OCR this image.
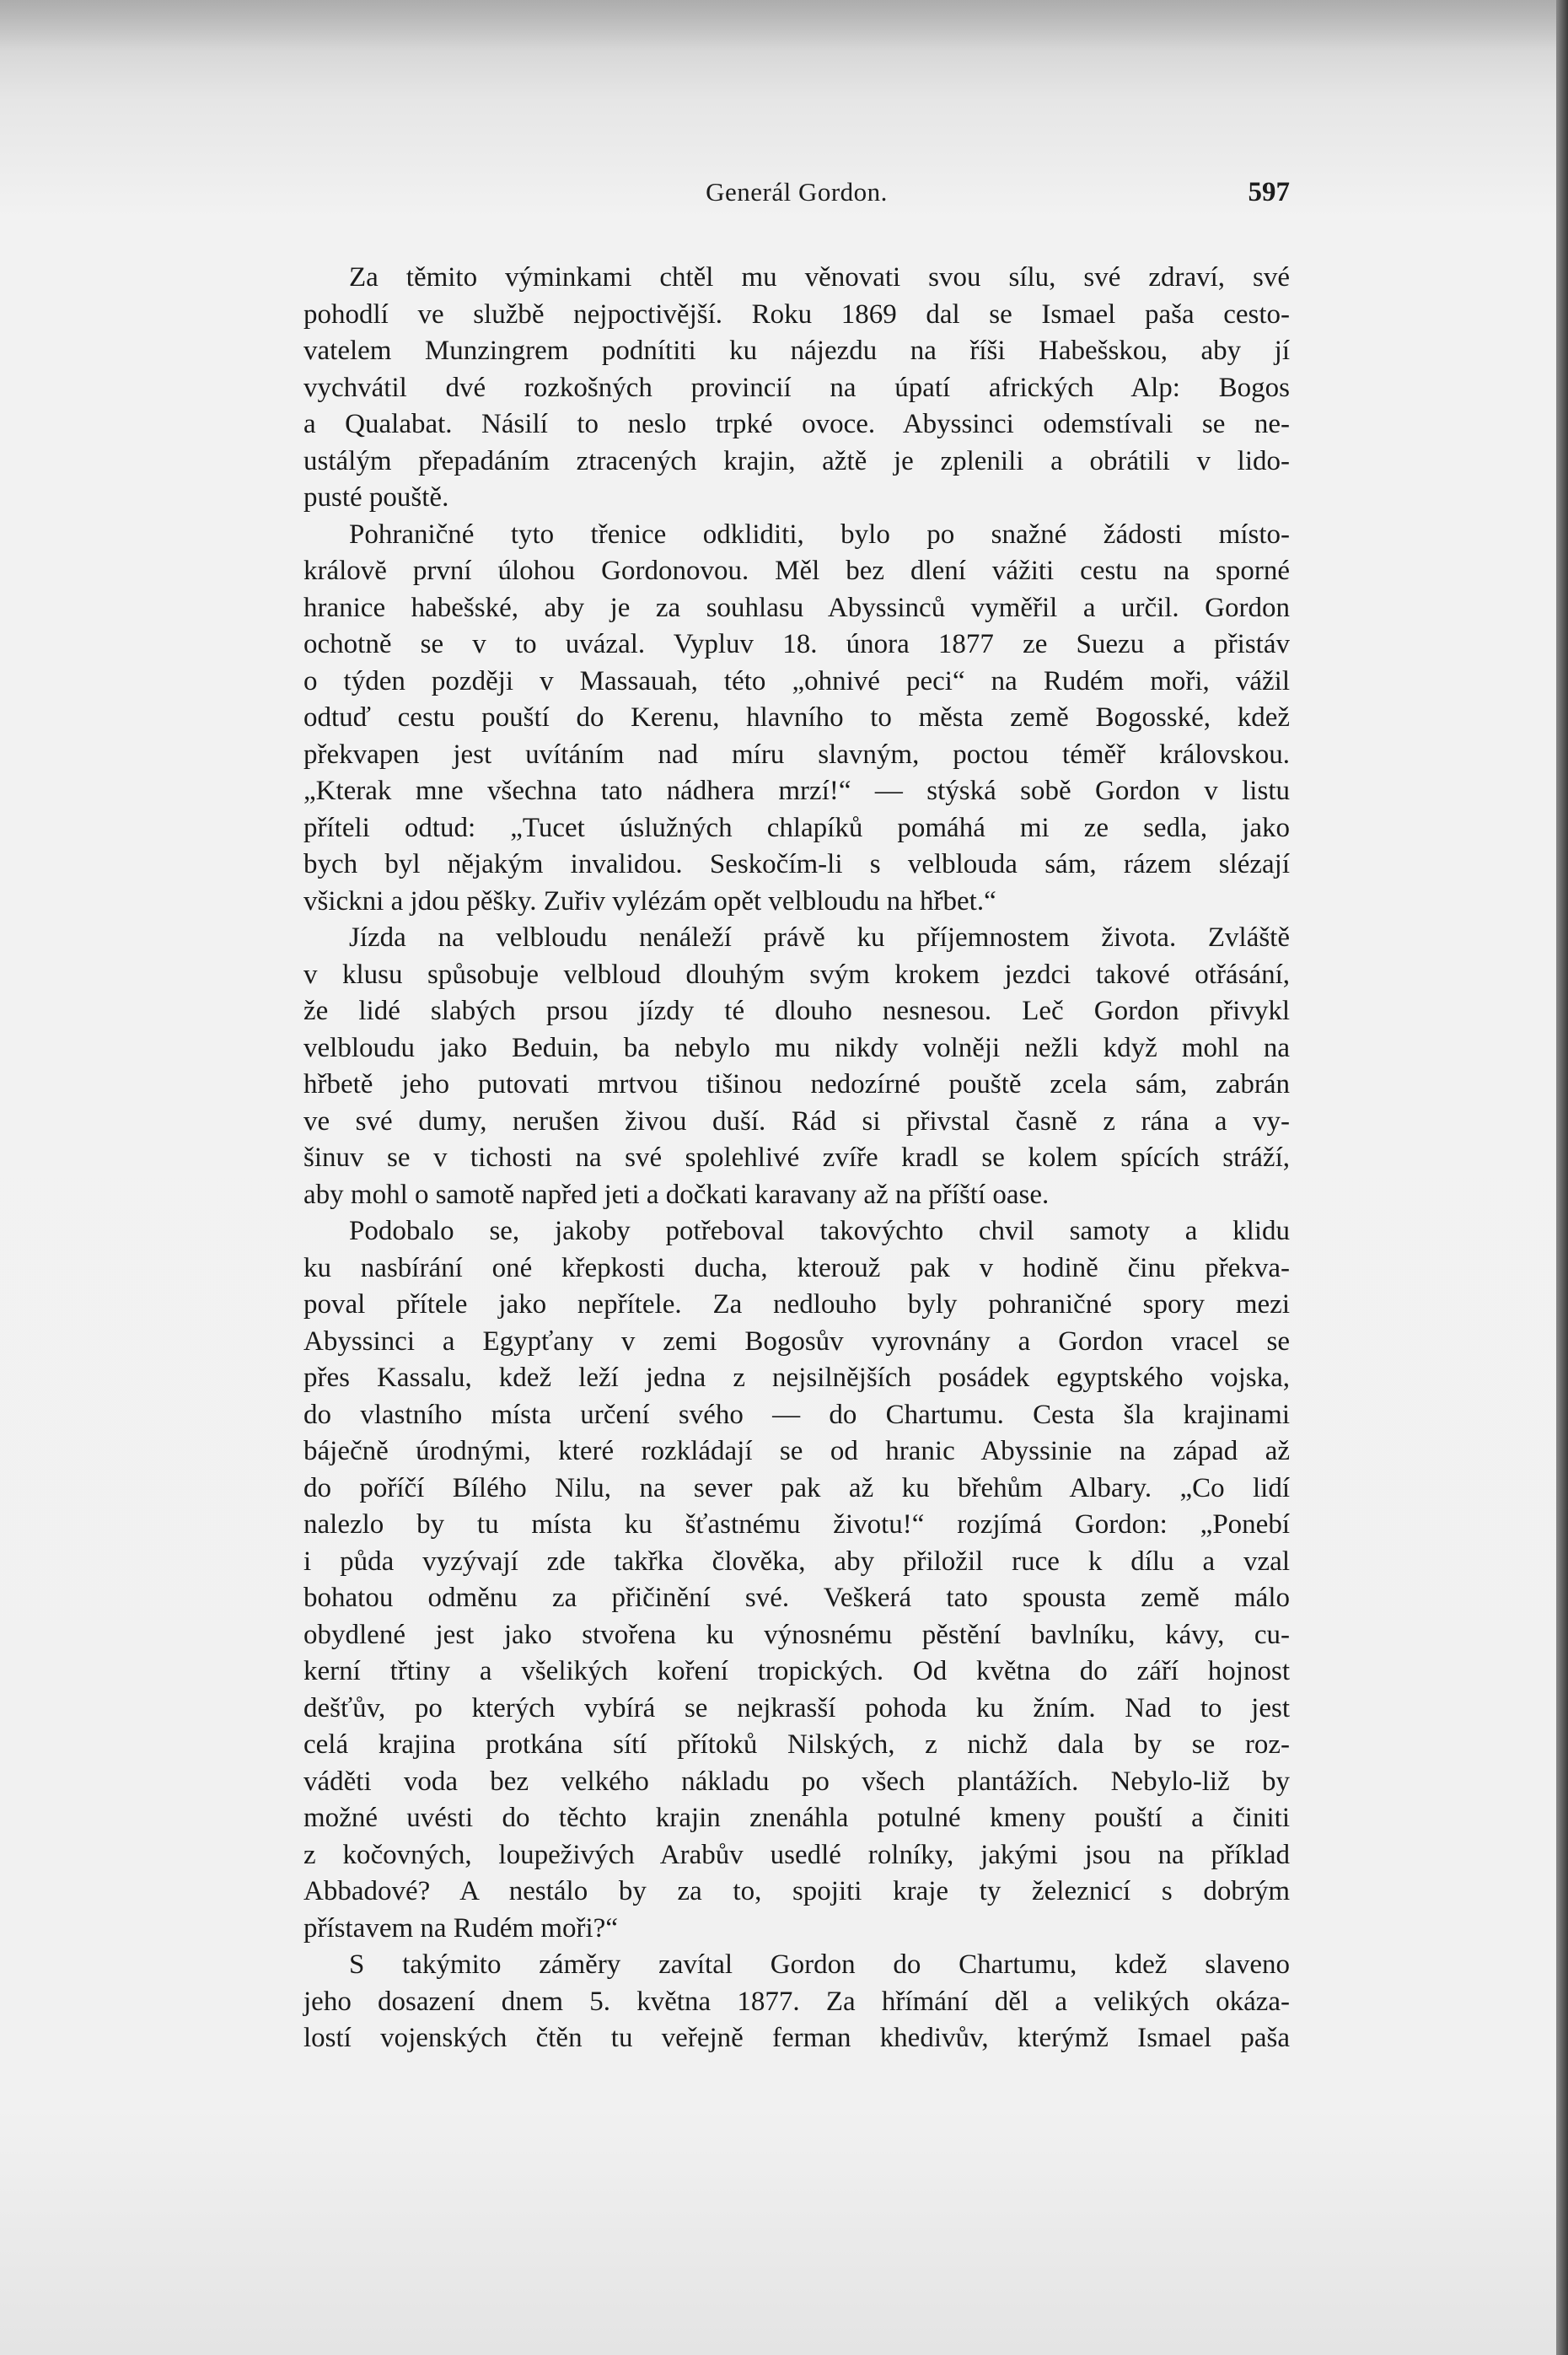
Generál Gordon.	597
Za těmito výminkami chtěl mu věnovati svou sílu, své zdraví, své
pohodlí ve službě nejpoctivější. Roku 1869 dal se Ismael paša cesto-
vatelem Munzingrem podnítiti ku nájezdu na říši Habešskou, aby jí
vychvátil dvé rozkošných provincií na úpatí afrických Alp: Bogos
a Qualabat. Násilí to neslo trpké ovoce. Abyssinci odemstívali se ne-
ustálým přepadáním ztracených krajin, ažtě je zplenili a obrátili v lido-
pusté pouště.
Pohraničné tyto třenice odkliditi, bylo po snažné žádosti místo-
královĕ první úlohou Gordonovou. Měl bez dlení vážiti cestu na sporné
hranice habešské, aby je za souhlasu Abyssinců vyměřil a určil. Gordon
ochotně se v to uvázal. Vypluv 18. února 1877 ze Suezu a přistáv
o týden později v Massauah, této „ohnivé peci“ na Rudém moři, vážil
odtuď cestu pouští do Kerenu, hlavního to města země Bogosské, kdež
překvapen jest uvítáním nad míru slavným, poctou téměř královskou.
„Kterak mne všechna tato nádhera mrzí!“ — stýská sobě Gordon v listu
příteli odtud: „Tucet úslužných chlapíků pomáhá mi ze sedla, jako
bych byl nějakým invalidou. Seskočím-li s velblouda sám, rázem slézají
všickni a jdou pěšky. Zuřiv vylézám opět velbloudu na hřbet.“
Jízda na velbloudu nenáleží právě ku příjemnostem života. Zvláště
v klusu spůsobuje velbloud dlouhým svým krokem jezdci takové otřásání,
že lidé slabých prsou jízdy té dlouho nesnesou. Leč Gordon přivykl
velbloudu jako Beduin, ba nebylo mu nikdy volněji nežli když mohl na
hřbetě jeho putovati mrtvou tišinou nedozírné pouště zcela sám, zabrán
ve své dumy, nerušen živou duší. Rád si přivstal časně z rána a vy-
šinuv se v tichosti na své spolehlivé zvíře kradl se kolem spících stráží,
aby mohl o samotě napřed jeti a dočkati karavany až na příští oase.
Podobalo se, jakoby potřeboval takovýchto chvil samoty a klidu
ku nasbírání oné křepkosti ducha, kterouž pak v hodině činu překva-
poval přítele jako nepřítele. Za nedlouho byly pohraničné spory mezi
Abyssinci a Egypťany v zemi Bogosův vyrovnány a Gordon vracel se
přes Kassalu, kdež leží jedna z nejsilnějších posádek egyptského vojska,
do vlastního místa určení svého — do Chartumu. Cesta šla krajinami
báječně úrodnými, které rozkládají se od hranic Abyssinie na západ až
do poříčí Bílého Nilu, na sever pak až ku břehům Albary. „Co lidí
nalezlo by tu místa ku šťastnému životu!“ rozjímá Gordon: „Ponebí
i půda vyzývají zde takřka člověka, aby přiložil ruce k dílu a vzal
bohatou odměnu za přičinění své. Veškerá tato spousta země málo
obydlené jest jako stvořena ku výnosnému pěstění bavlníku, kávy, cu-
kerní třtiny a všelikých koření tropických. Od května do září hojnost
dešťův, po kterých vybírá se nejkrasší pohoda ku žním. Nad to jest
celá krajina protkána sítí přítoků Nilských, z nichž dala by se roz-
váděti voda bez velkého nákladu po všech plantážích. Nebylo-liž by
možné uvésti do těchto krajin znenáhla potulné kmeny pouští a činiti
z kočovných, loupeživých Arabův usedlé rolníky, jakými jsou na příklad
Abbadové? A nestálo by za to, spojiti kraje ty železnicí s dobrým
přístavem na Rudém moři?“
S takýmito záměry zavítal Gordon do Chartumu, kdež slaveno
jeho dosazení dnem 5. května 1877. Za hřímání děl a velikých okáza-
lostí vojenských čtěn tu veřejně ferman khedivův, kterýmž Ismael paša
